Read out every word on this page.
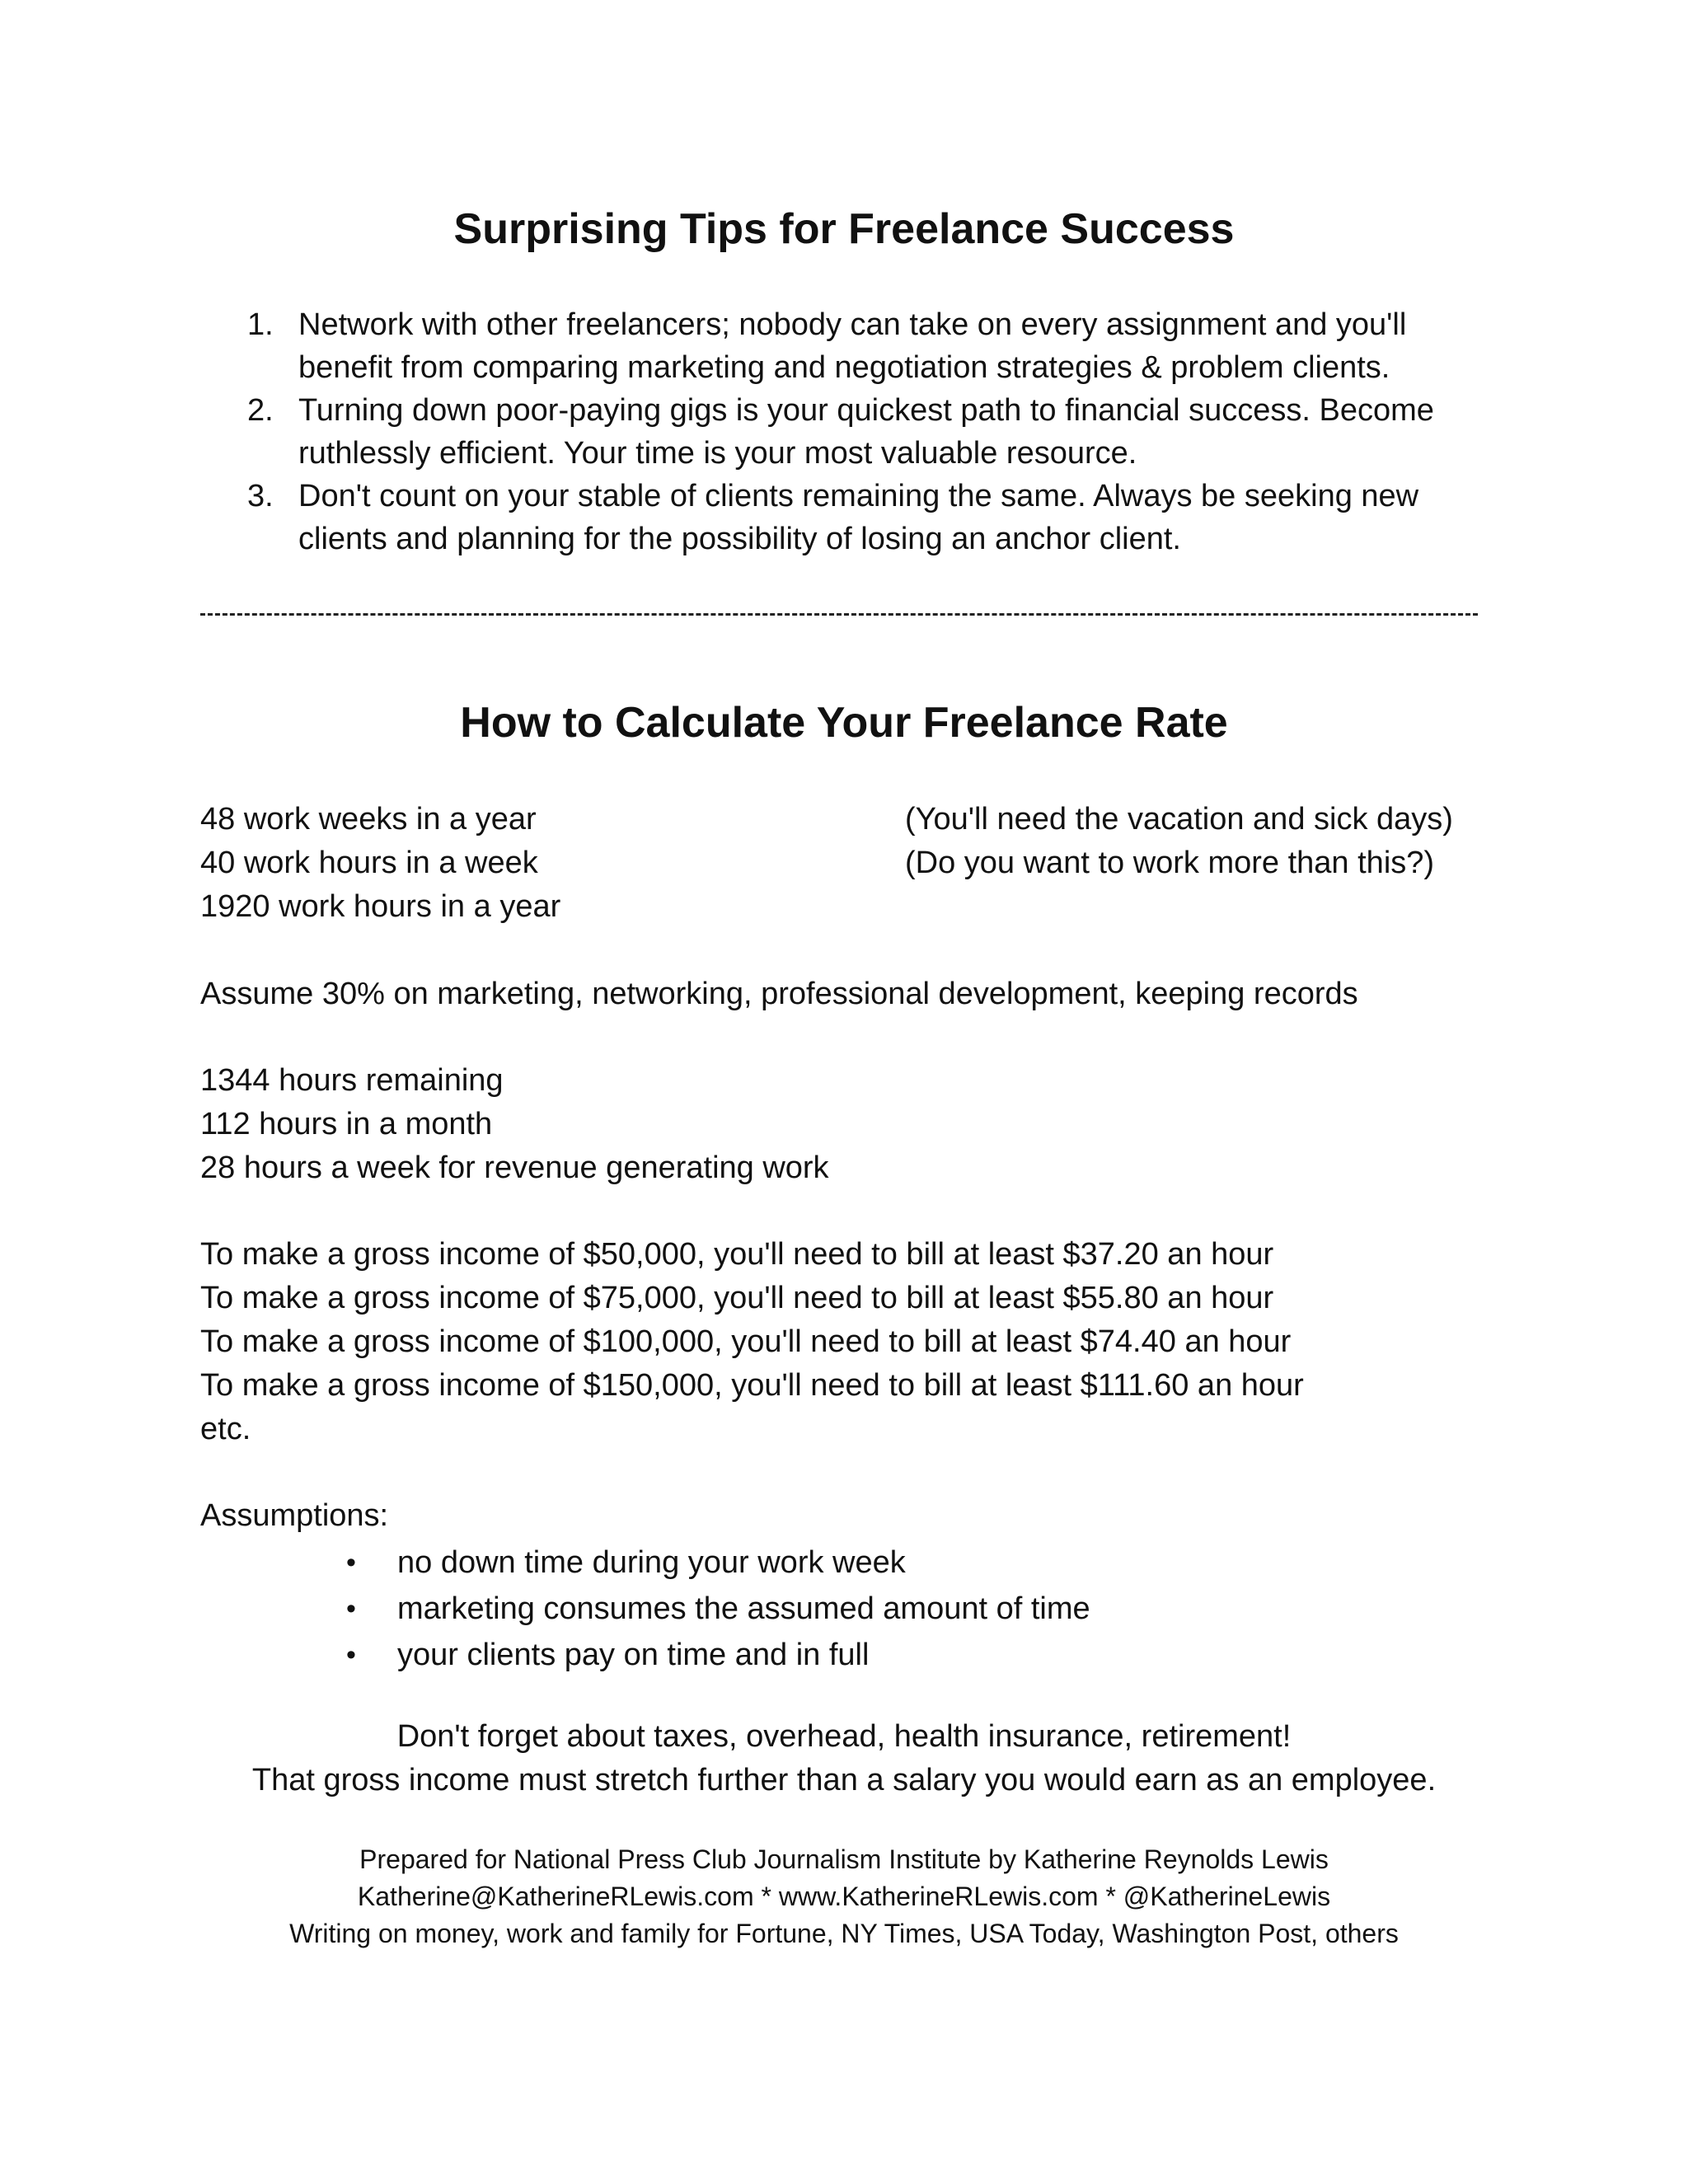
Surprising Tips for Freelance Success
1. Network with other freelancers; nobody can take on every assignment and you'll benefit from comparing marketing and negotiation strategies & problem clients.
2. Turning down poor-paying gigs is your quickest path to financial success. Become ruthlessly efficient. Your time is your most valuable resource.
3. Don't count on your stable of clients remaining the same. Always be seeking new clients and planning for the possibility of losing an anchor client.
How to Calculate Your Freelance Rate
48 work weeks in a year	(You'll need the vacation and sick days)
40 work hours in a week	(Do you want to work more than this?)
1920 work hours in a year
Assume 30% on marketing, networking, professional development, keeping records
1344 hours remaining
112 hours in a month
28 hours a week for revenue generating work
To make a gross income of $50,000, you'll need to bill at least $37.20 an hour
To make a gross income of $75,000, you'll need to bill at least $55.80 an hour
To make a gross income of $100,000, you'll need to bill at least $74.40 an hour
To make a gross income of $150,000, you'll need to bill at least $111.60 an hour
etc.
Assumptions:
•	no down time during your work week
•	marketing consumes the assumed amount of time
•	your clients pay on time and in full
Don't forget about taxes, overhead, health insurance, retirement!
That gross income must stretch further than a salary you would earn as an employee.
Prepared for National Press Club Journalism Institute by Katherine Reynolds Lewis
Katherine@KatherineRLewis.com * www.KatherineRLewis.com * @KatherineLewis
Writing on money, work and family for Fortune, NY Times, USA Today, Washington Post, others
